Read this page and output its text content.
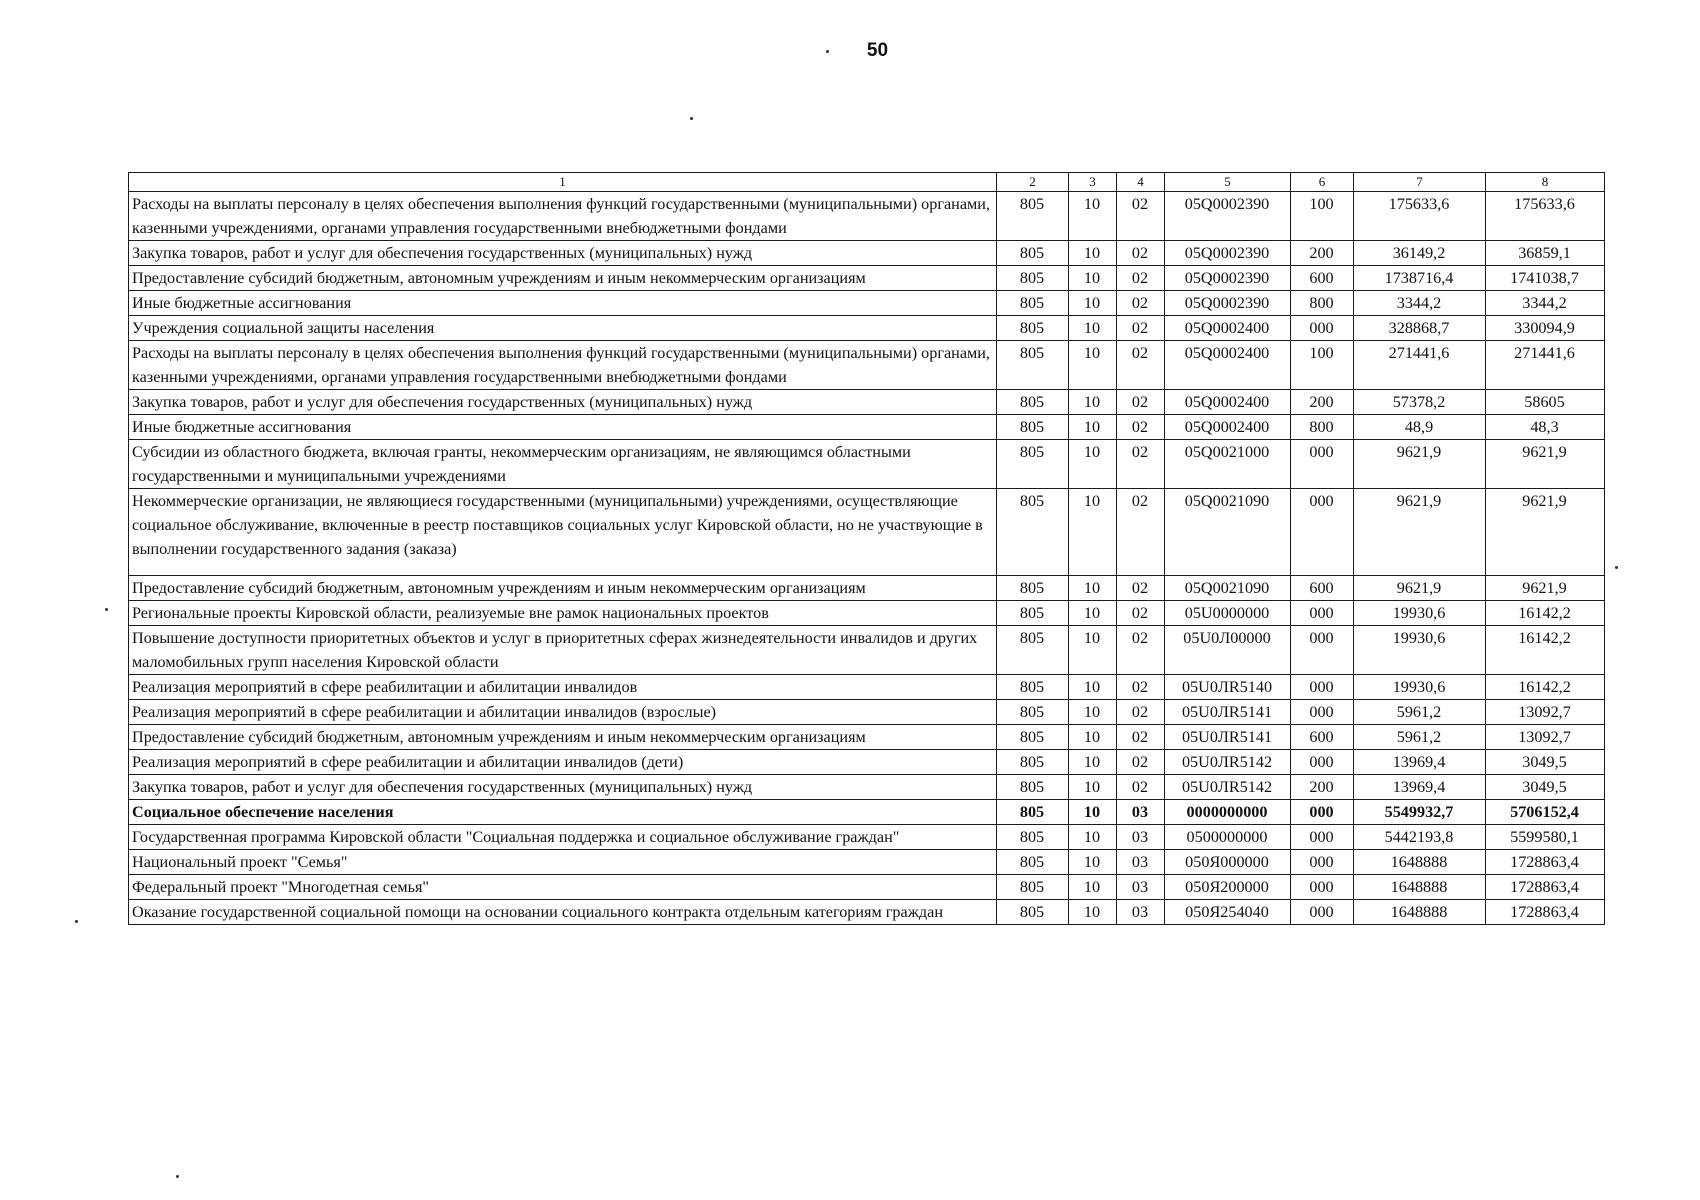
50
1	2	3	4	5	6	7	8
Расходы на выплаты персоналу в целях обеспечения выполнения функций государственными (муниципальными) органами, казенными учреждениями, органами управления государственными внебюджетными фондами	805	10	02	05Q0002390	100	175633,6	175633,6
Закупка товаров, работ и услуг для обеспечения государственных (муниципальных) нужд	805	10	02	05Q0002390	200	36149,2	36859,1
Предоставление субсидий бюджетным, автономным учреждениям и иным некоммерческим организациям	805	10	02	05Q0002390	600	1738716,4	1741038,7
Иные бюджетные ассигнования	805	10	02	05Q0002390	800	3344,2	3344,2
Учреждения социальной защиты населения	805	10	02	05Q0002400	000	328868,7	330094,9
Расходы на выплаты персоналу в целях обеспечения выполнения функций государственными (муниципальными) органами, казенными учреждениями, органами управления государственными внебюджетными фондами	805	10	02	05Q0002400	100	271441,6	271441,6
Закупка товаров, работ и услуг для обеспечения государственных (муниципальных) нужд	805	10	02	05Q0002400	200	57378,2	58605
Иные бюджетные ассигнования	805	10	02	05Q0002400	800	48,9	48,3
Субсидии из областного бюджета, включая гранты, некоммерческим организациям, не являющимся областными государственными и муниципальными учреждениями	805	10	02	05Q0021000	000	9621,9	9621,9
Некоммерческие организации, не являющиеся государственными (муниципальными) учреждениями, осуществляющие социальное обслуживание, включенные в реестр поставщиков социальных услуг Кировской области, но не участвующие в выполнении государственного задания (заказа)	805	10	02	05Q0021090	000	9621,9	9621,9
Предоставление субсидий бюджетным, автономным учреждениям и иным некоммерческим организациям	805	10	02	05Q0021090	600	9621,9	9621,9
Региональные проекты Кировской области, реализуемые вне рамок национальных проектов	805	10	02	05U0000000	000	19930,6	16142,2
Повышение доступности приоритетных объектов и услуг в приоритетных сферах жизнедеятельности инвалидов и других маломобильных групп населения Кировской области	805	10	02	05U0Л00000	000	19930,6	16142,2
Реализация мероприятий в сфере реабилитации и абилитации инвалидов	805	10	02	05U0ЛR5140	000	19930,6	16142,2
Реализация мероприятий в сфере реабилитации и абилитации инвалидов (взрослые)	805	10	02	05U0ЛR5141	000	5961,2	13092,7
Предоставление субсидий бюджетным, автономным учреждениям и иным некоммерческим организациям	805	10	02	05U0ЛR5141	600	5961,2	13092,7
Реализация мероприятий в сфере реабилитации и абилитации инвалидов (дети)	805	10	02	05U0ЛR5142	000	13969,4	3049,5
Закупка товаров, работ и услуг для обеспечения государственных (муниципальных) нужд	805	10	02	05U0ЛR5142	200	13969,4	3049,5
Социальное обеспечение населения	805	10	03	0000000000	000	5549932,7	5706152,4
Государственная программа Кировской области "Социальная поддержка и социальное обслуживание граждан"	805	10	03	0500000000	000	5442193,8	5599580,1
Национальный проект "Семья"	805	10	03	050Я000000	000	1648888	1728863,4
Федеральный проект "Многодетная семья"	805	10	03	050Я200000	000	1648888	1728863,4
Оказание государственной социальной помощи на основании социального контракта отдельным категориям граждан	805	10	03	050Я254040	000	1648888	1728863,4
